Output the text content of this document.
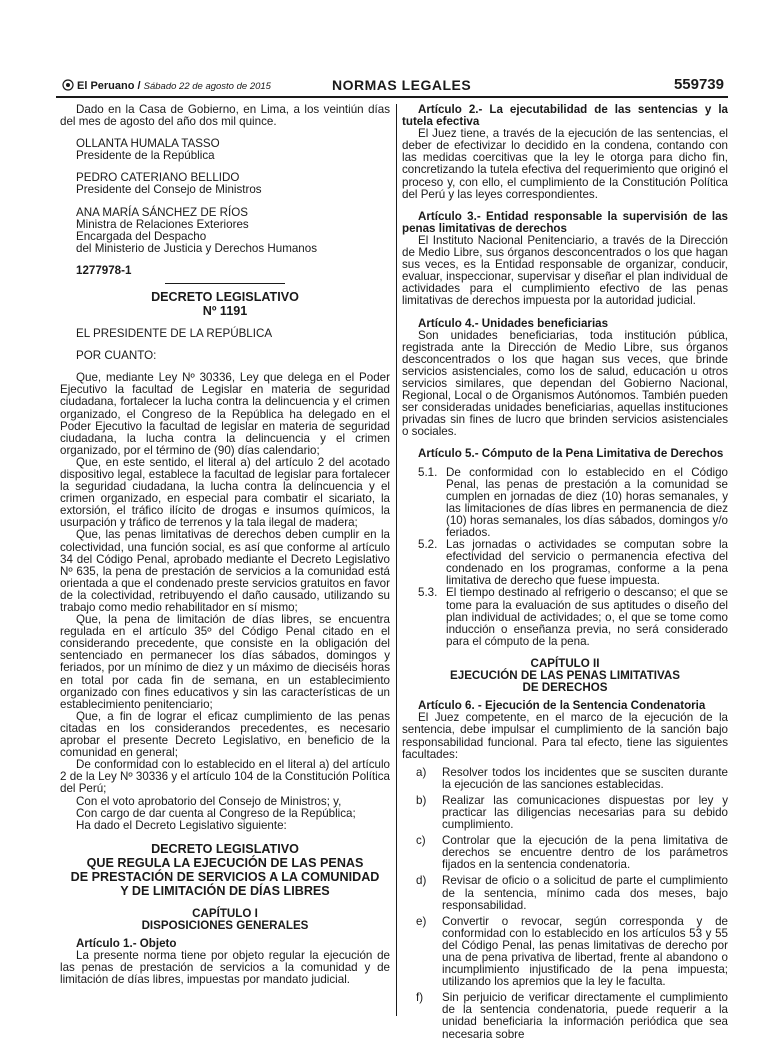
El Peruano / Sábado 22 de agosto de 2015	NORMAS LEGALES	559739

Dado en la Casa de Gobierno, en Lima, a los veintiún días del mes de agosto del año dos mil quince.

OLLANTA HUMALA TASSO

Presidente de la República

PEDRO CATERIANO BELLIDO

Presidente del Consejo de Ministros

ANA MARÍA SÁNCHEZ DE RÍOS

Ministra de Relaciones Exteriores

Encargada del Despacho

del Ministerio de Justicia y Derechos Humanos

1277978-1

DECRETO LEGISLATIVO
Nº 1191

EL PRESIDENTE DE LA REPÚBLICA

POR CUANTO:

Que, mediante Ley Nº 30336, Ley que delega en el Poder Ejecutivo la facultad de Legislar en materia de seguridad ciudadana, fortalecer la lucha contra la delincuencia y el crimen organizado, el Congreso de la República ha delegado en el Poder Ejecutivo la facultad de legislar en materia de seguridad ciudadana, la lucha contra la delincuencia y el crimen organizado, por el término de (90) días calendario;

Que, en este sentido, el literal a) del artículo 2 del acotado dispositivo legal, establece la facultad de legislar para fortalecer la seguridad ciudadana, la lucha contra la delincuencia y el crimen organizado, en especial para combatir el sicariato, la extorsión, el tráfico ilícito de drogas e insumos químicos, la usurpación y tráfico de terrenos y la tala ilegal de madera;

Que, las penas limitativas de derechos deben cumplir en la colectividad, una función social, es así que conforme al artículo 34 del Código Penal, aprobado mediante el Decreto Legislativo Nº 635, la pena de prestación de servicios a la comunidad está orientada a que el condenado preste servicios gratuitos en favor de la colectividad, retribuyendo el daño causado, utilizando su trabajo como medio rehabilitador en sí mismo;

Que, la pena de limitación de días libres, se encuentra regulada en el artículo 35º del Código Penal citado en el considerando precedente, que consiste en la obligación del sentenciado en permanecer los días sábados, domingos y feriados, por un mínimo de diez y un máximo de dieciséis horas en total por cada fin de semana, en un establecimiento organizado con fines educativos y sin las características de un establecimiento penitenciario;

Que, a fin de lograr el eficaz cumplimiento de las penas citadas en los considerandos precedentes, es necesario aprobar el presente Decreto Legislativo, en beneficio de la comunidad en general;

De conformidad con lo establecido en el literal a) del artículo 2 de la Ley Nº 30336 y el artículo 104 de la Constitución Política del Perú;

Con el voto aprobatorio del Consejo de Ministros; y,

Con cargo de dar cuenta al Congreso de la República;

Ha dado el Decreto Legislativo siguiente:

DECRETO LEGISLATIVO
QUE REGULA LA EJECUCIÓN DE LAS PENAS
DE PRESTACIÓN DE SERVICIOS A LA COMUNIDAD
Y DE LIMITACIÓN DE DÍAS LIBRES
CAPÍTULO I
DISPOSICIONES GENERALES
Artículo 1.- Objeto

La presente norma tiene por objeto regular la ejecución de las penas de prestación de servicios a la comunidad y de limitación de días libres, impuestas por mandato judicial.

Artículo 2.- La ejecutabilidad de las sentencias y la tutela efectiva

El Juez tiene, a través de la ejecución de las sentencias, el deber de efectivizar lo decidido en la condena, contando con las medidas coercitivas que la ley le otorga para dicho fin, concretizando la tutela efectiva del requerimiento que originó el proceso y, con ello, el cumplimiento de la Constitución Política del Perú y las leyes correspondientes.

Artículo 3.- Entidad responsable la supervisión de las penas limitativas de derechos

El Instituto Nacional Penitenciario, a través de la Dirección de Medio Libre, sus órganos desconcentrados o los que hagan sus veces, es la Entidad responsable de organizar, conducir, evaluar, inspeccionar, supervisar y diseñar el plan individual de actividades para el cumplimiento efectivo de las penas limitativas de derechos impuesta por la autoridad judicial.

Artículo 4.- Unidades beneficiarias

Son unidades beneficiarias, toda institución pública, registrada ante la Dirección de Medio Libre, sus órganos desconcentrados o los que hagan sus veces, que brinde servicios asistenciales, como los de salud, educación u otros servicios similares, que dependan del Gobierno Nacional, Regional, Local o de Organismos Autónomos. También pueden ser consideradas unidades beneficiarias, aquellas instituciones privadas sin fines de lucro que brinden servicios asistenciales o sociales.

Artículo 5.- Cómputo de la Pena Limitativa de Derechos
5.1. De conformidad con lo establecido en el Código Penal, las penas de prestación a la comunidad se cumplen en jornadas de diez (10) horas semanales, y las limitaciones de días libres en permanencia de diez (10) horas semanales, los días sábados, domingos y/o feriados.
5.2. Las jornadas o actividades se computan sobre la efectividad del servicio o permanencia efectiva del condenado en los programas, conforme a la pena limitativa de derecho que fuese impuesta.
5.3. El tiempo destinado al refrigerio o descanso; el que se tome para la evaluación de sus aptitudes o diseño del plan individual de actividades; o, el que se tome como inducción o enseñanza previa, no será considerado para el cómputo de la pena.
CAPÍTULO II
EJECUCIÓN DE LAS PENAS LIMITATIVAS
DE DERECHOS
Artículo 6. - Ejecución de la Sentencia Condenatoria

El Juez competente, en el marco de la ejecución de la sentencia, debe impulsar el cumplimiento de la sanción bajo responsabilidad funcional. Para tal efecto, tiene las siguientes facultades:

a) Resolver todos los incidentes que se susciten durante la ejecución de las sanciones establecidas.
b) Realizar las comunicaciones dispuestas por ley y practicar las diligencias necesarias para su debido cumplimiento.
c) Controlar que la ejecución de la pena limitativa de derechos se encuentre dentro de los parámetros fijados en la sentencia condenatoria.
d) Revisar de oficio o a solicitud de parte el cumplimiento de la sentencia, mínimo cada dos meses, bajo responsabilidad.
e) Convertir o revocar, según corresponda y de conformidad con lo establecido en los artículos 53 y 55 del Código Penal, las penas limitativas de derecho por una de pena privativa de libertad, frente al abandono o incumplimiento injustificado de la pena impuesta; utilizando los apremios que la ley le faculta.
f) Sin perjuicio de verificar directamente el cumplimiento de la sentencia condenatoria, puede requerir a la unidad beneficiaria la información periódica que sea necesaria sobre
